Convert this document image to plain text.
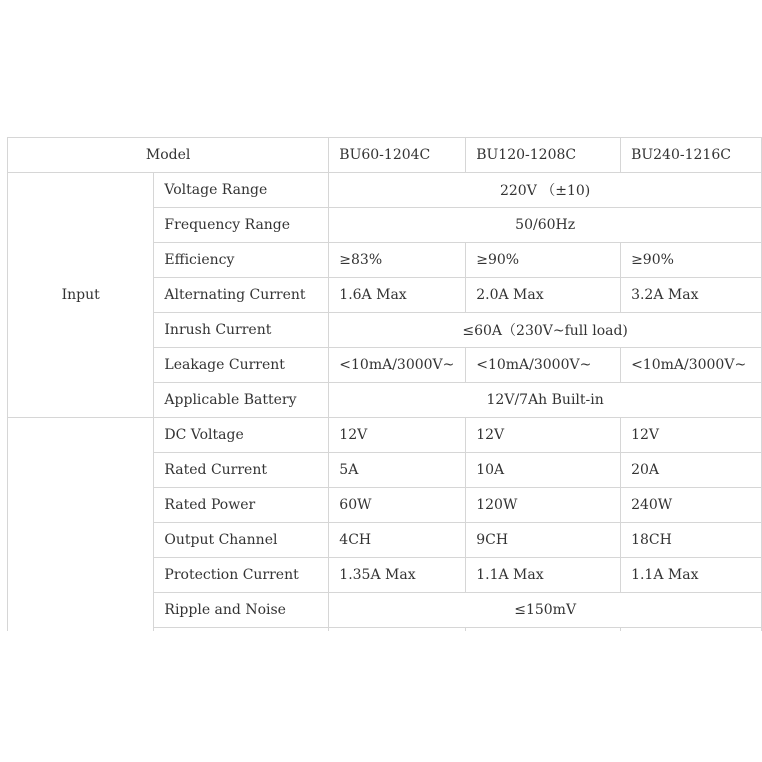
Model		BU60-1204C	BU120-1208C	BU240-1216C
Input	Voltage Range	220V （±10)		
	Frequency Range	50/60Hz		
	Efficiency	≥83%	≥90%	≥90%
	Alternating Current	1.6A Max	2.0A Max	3.2A Max
	Inrush Current	≤60A（230V~full load)		
	Leakage Current	<10mA/3000V~	<10mA/3000V~	<10mA/3000V~
	Applicable Battery	12V/7Ah Built-in		
	DC Voltage	12V	12V	12V
	Rated Current	5A	10A	20A
	Rated Power	60W	120W	240W
	Output Channel	4CH	9CH	18CH
	Protection Current	1.35A Max	1.1A Max	1.1A Max
	Ripple and Noise	≤150mV		
